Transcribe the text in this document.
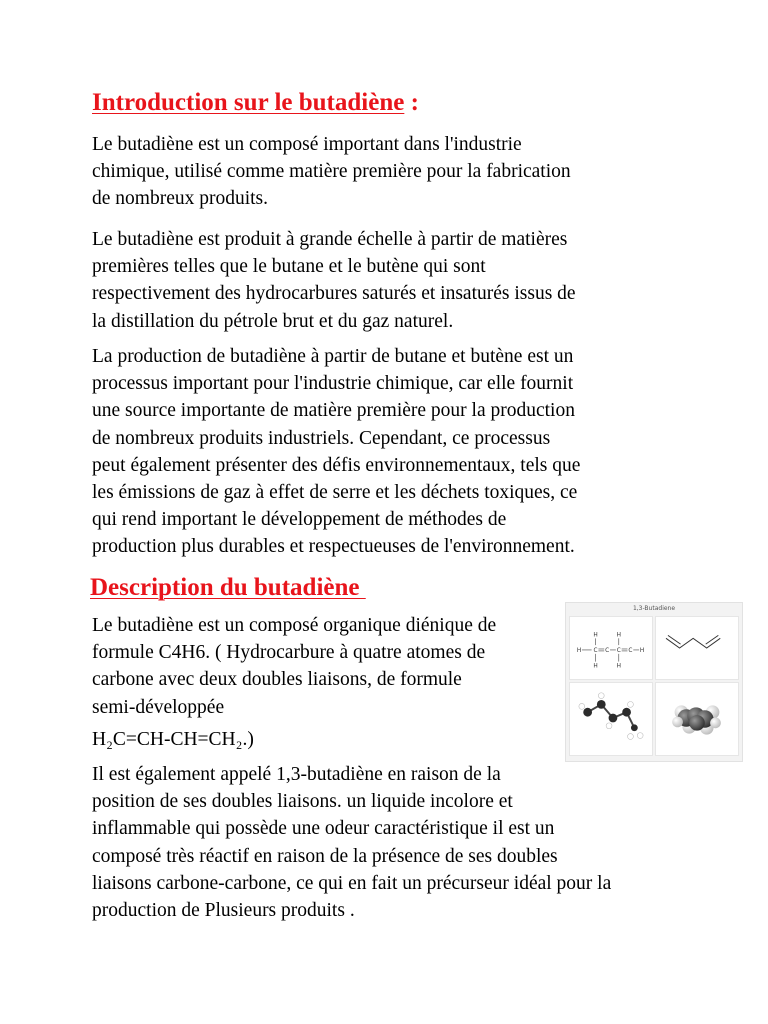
Introduction sur le butadiène :

Le butadiène est un composé important dans l'industrie
chimique, utilisé comme matière première pour la fabrication
de nombreux produits.

Le butadiène est produit à grande échelle à partir de matières
premières telles que le butane et le butène qui sont
respectivement des hydrocarbures saturés et insaturés issus de
la distillation du pétrole brut et du gaz naturel.

La production de butadiène à partir de butane et butène est un
processus important pour l'industrie chimique, car elle fournit
une source importante de matière première pour la production
de nombreux produits industriels. Cependant, ce processus
peut également présenter des défis environnementaux, tels que
les émissions de gaz à effet de serre et les déchets toxiques, ce
qui rend important le développement de méthodes de
production plus durables et respectueuses de l'environnement.

Description du butadiène

Le butadiène est un composé organique diénique de
formule C4H6. ( Hydrocarbure à quatre atomes de
carbone avec deux doubles liaisons, de formule
semi-développée

H₂C=CH-CH=CH₂.)

Il est également appelé 1,3-butadiène en raison de la
position de ses doubles liaisons. un liquide incolore et
inflammable qui possède une odeur caractéristique il est un
composé très réactif en raison de la présence de ses doubles
liaisons carbone-carbone, ce qui en fait un précurseur idéal pour la
production de Plusieurs produits .

1,3-Butadiene
H	H
H	H
H	H
C C C C
